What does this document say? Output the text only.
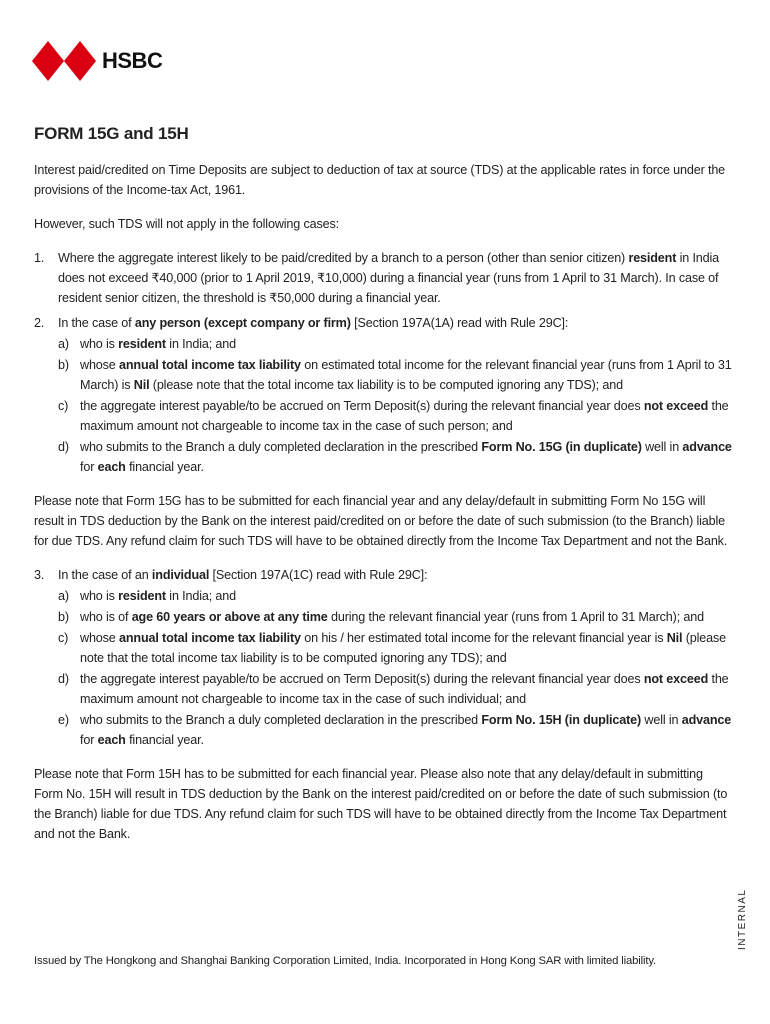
HSBC
FORM 15G and 15H

Interest paid/credited on Time Deposits are subject to deduction of tax at source (TDS) at the applicable rates in force under the provisions of the Income-tax Act, 1961.

However, such TDS will not apply in the following cases:

1.	Where the aggregate interest likely to be paid/credited by a branch to a person (other than senior citizen) resident in India does not exceed ₹40,000 (prior to 1 April 2019, ₹10,000) during a financial year (runs from 1 April to 31 March). In case of resident senior citizen, the threshold is ₹50,000 during a financial year.
2.	In the case of any person (except company or firm) [Section 197A(1A) read with Rule 29C]:
a) who is resident in India; and
b) whose annual total income tax liability on estimated total income for the relevant financial year (runs from 1 April to 31 March) is Nil (please note that the total income tax liability is to be computed ignoring any TDS); and
c) the aggregate interest payable/to be accrued on Term Deposit(s) during the relevant financial year does not exceed the maximum amount not chargeable to income tax in the case of such person; and
d) who submits to the Branch a duly completed declaration in the prescribed Form No. 15G (in duplicate) well in advance for each financial year.

Please note that Form 15G has to be submitted for each financial year and any delay/default in submitting Form No 15G will result in TDS deduction by the Bank on the interest paid/credited on or before the date of such submission (to the Branch) liable for due TDS. Any refund claim for such TDS will have to be obtained directly from the Income Tax Department and not the Bank.

3.	In the case of an individual [Section 197A(1C) read with Rule 29C]:
a) who is resident in India; and
b) who is of age 60 years or above at any time during the relevant financial year (runs from 1 April to 31 March); and
c) whose annual total income tax liability on his / her estimated total income for the relevant financial year is Nil (please note that the total income tax liability is to be computed ignoring any TDS); and
d) the aggregate interest payable/to be accrued on Term Deposit(s) during the relevant financial year does not exceed the maximum amount not chargeable to income tax in the case of such individual; and
e) who submits to the Branch a duly completed declaration in the prescribed Form No. 15H (in duplicate) well in advance for each financial year.

Please note that Form 15H has to be submitted for each financial year. Please also note that any delay/default in submitting Form No. 15H will result in TDS deduction by the Bank on the interest paid/credited on or before the date of such submission (to the Branch) liable for due TDS. Any refund claim for such TDS will have to be obtained directly from the Income Tax Department and not the Bank.

Issued by The Hongkong and Shanghai Banking Corporation Limited, India. Incorporated in Hong Kong SAR with limited liability.
INTERNAL
